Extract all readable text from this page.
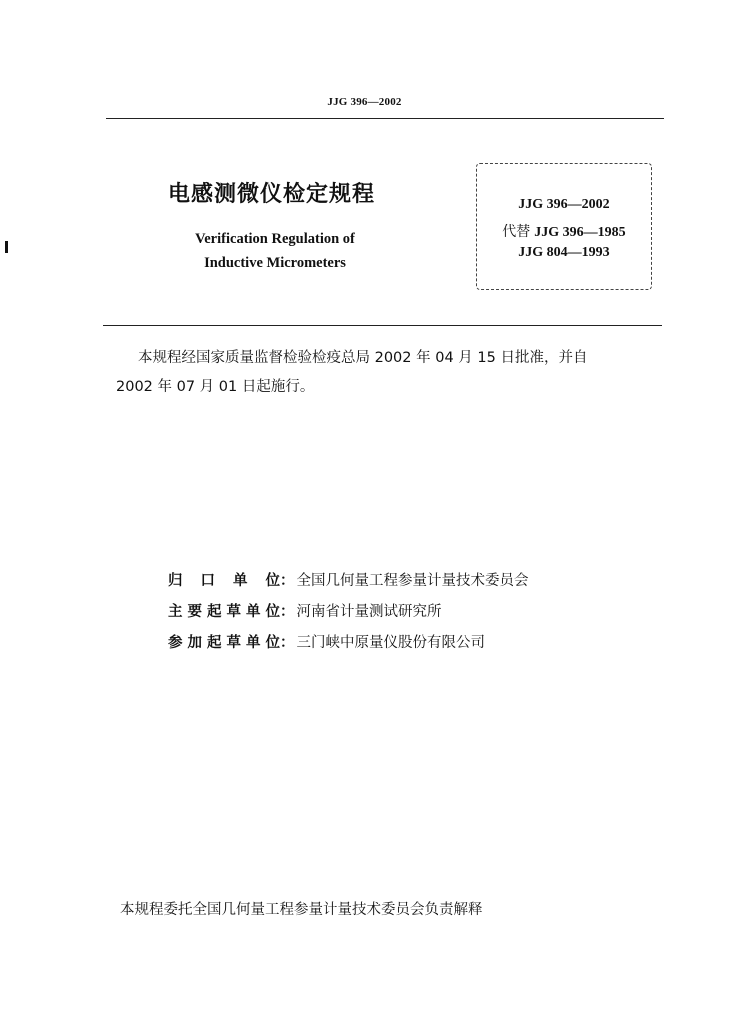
JJG 396—2002
电感测微仪检定规程
Verification Regulation of
Inductive Micrometers
JJG 396—2002
代替 JJG 396—1985
JJG 804—1993
本规程经国家质量监督检验检疫总局 2002 年 04 月 15 日批准，并自
2002 年 07 月 01 日起施行。
归口单位： 全国几何量工程参量计量技术委员会
主要起草单位： 河南省计量测试研究所
参加起草单位： 三门峡中原量仪股份有限公司
本规程委托全国几何量工程参量计量技术委员会负责解释
